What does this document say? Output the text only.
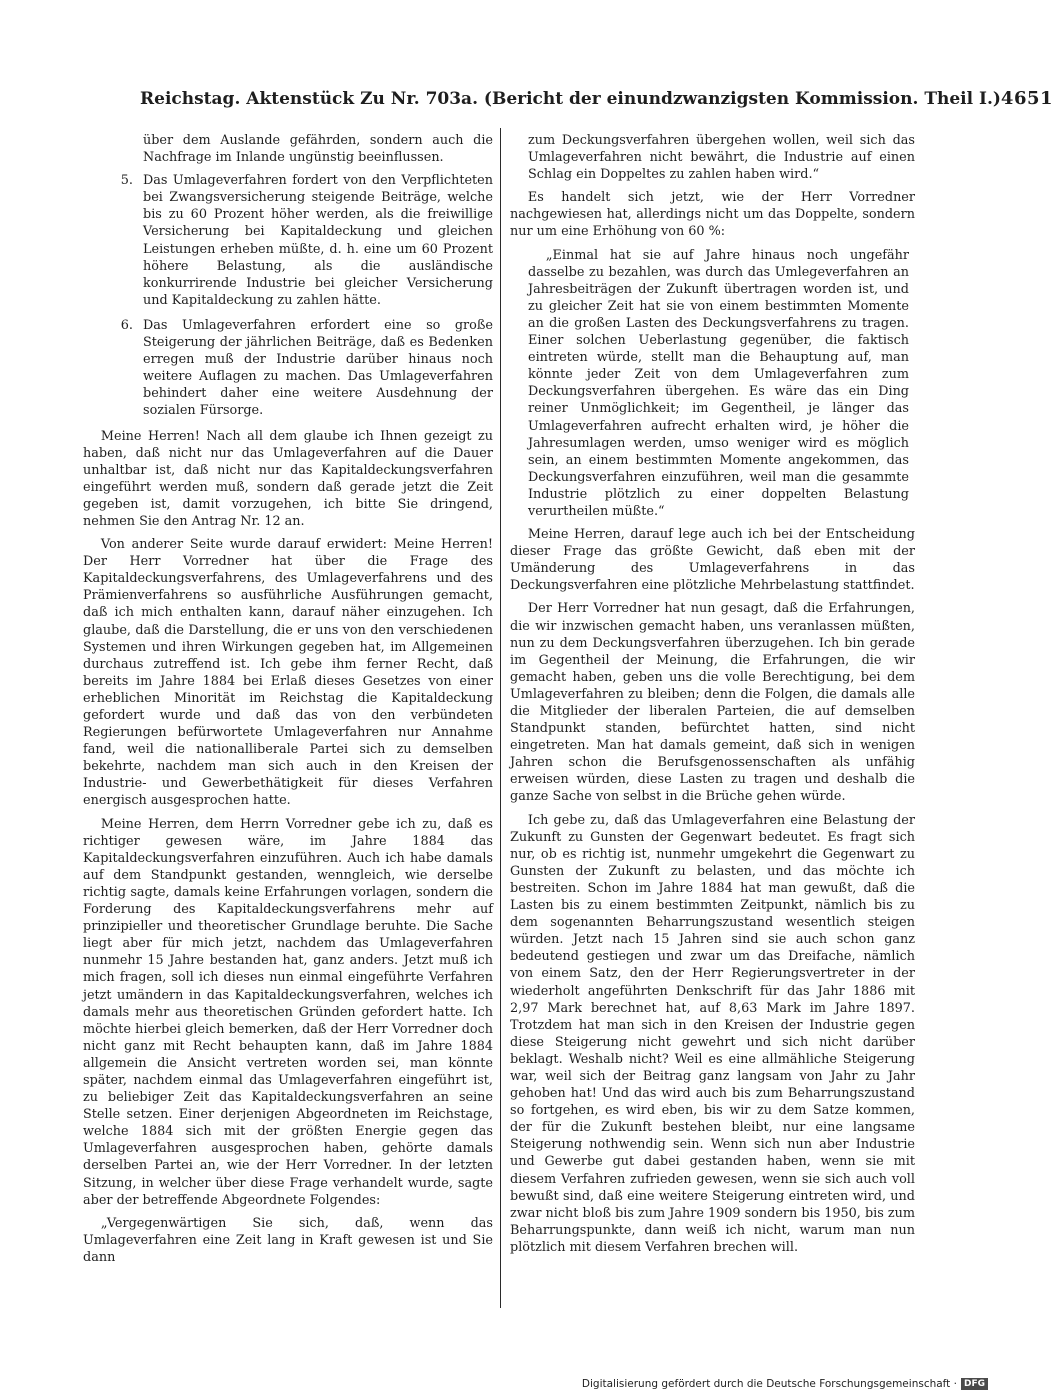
Reichstag. Aktenstück Zu Nr. 703a. (Bericht der einundzwanzigsten Kommission. Theil I.) 4651

über dem Auslande gefährden, sondern auch die Nachfrage im Inlande ungünstig beeinflussen.

5. Das Umlageverfahren fordert von den Verpflichteten bei Zwangsversicherung steigende Beiträge, welche bis zu 60 Prozent höher werden, als die freiwillige Versicherung bei Kapitaldeckung und gleichen Leistungen erheben müßte, d. h. eine um 60 Prozent höhere Belastung, als die ausländische konkurrirende Industrie bei gleicher Versicherung und Kapitaldeckung zu zahlen hätte.
6. Das Umlageverfahren erfordert eine so große Steigerung der jährlichen Beiträge, daß es Bedenken erregen muß der Industrie darüber hinaus noch weitere Auflagen zu machen. Das Umlageverfahren behindert daher eine weitere Ausdehnung der sozialen Fürsorge.

Meine Herren! Nach all dem glaube ich Ihnen gezeigt zu haben, daß nicht nur das Umlageverfahren auf die Dauer unhaltbar ist, daß nicht nur das Kapitaldeckungsverfahren eingeführt werden muß, sondern daß gerade jetzt die Zeit gegeben ist, damit vorzugehen, ich bitte Sie dringend, nehmen Sie den Antrag Nr. 12 an.

Von anderer Seite wurde darauf erwidert: Meine Herren! Der Herr Vorredner hat über die Frage des Kapitaldeckungsverfahrens, des Umlageverfahrens und des Prämienverfahrens so ausführliche Ausführungen gemacht, daß ich mich enthalten kann, darauf näher einzugehen. Ich glaube, daß die Darstellung, die er uns von den verschiedenen Systemen und ihren Wirkungen gegeben hat, im Allgemeinen durchaus zutreffend ist. Ich gebe ihm ferner Recht, daß bereits im Jahre 1884 bei Erlaß dieses Gesetzes von einer erheblichen Minorität im Reichstag die Kapitaldeckung gefordert wurde und daß das von den verbündeten Regierungen befürwortete Umlageverfahren nur Annahme fand, weil die nationalliberale Partei sich zu demselben bekehrte, nachdem man sich auch in den Kreisen der Industrie- und Gewerbethätigkeit für dieses Verfahren energisch ausgesprochen hatte.

Meine Herren, dem Herrn Vorredner gebe ich zu, daß es richtiger gewesen wäre, im Jahre 1884 das Kapitaldeckungsverfahren einzuführen. Auch ich habe damals auf dem Standpunkt gestanden, wenngleich, wie derselbe richtig sagte, damals keine Erfahrungen vorlagen, sondern die Forderung des Kapitaldeckungsverfahrens mehr auf prinzipieller und theoretischer Grundlage beruhte. Die Sache liegt aber für mich jetzt, nachdem das Umlageverfahren nunmehr 15 Jahre bestanden hat, ganz anders. Jetzt muß ich mich fragen, soll ich dieses nun einmal eingeführte Verfahren jetzt umändern in das Kapitaldeckungsverfahren, welches ich damals mehr aus theoretischen Gründen gefordert hatte. Ich möchte hierbei gleich bemerken, daß der Herr Vorredner doch nicht ganz mit Recht behaupten kann, daß im Jahre 1884 allgemein die Ansicht vertreten worden sei, man könnte später, nachdem einmal das Umlageverfahren eingeführt ist, zu beliebiger Zeit das Kapitaldeckungsverfahren an seine Stelle setzen. Einer derjenigen Abgeordneten im Reichstage, welche 1884 sich mit der größten Energie gegen das Umlageverfahren ausgesprochen haben, gehörte damals derselben Partei an, wie der Herr Vorredner. In der letzten Sitzung, in welcher über diese Frage verhandelt wurde, sagte aber der betreffende Abgeordnete Folgendes:

„Vergegenwärtigen Sie sich, daß, wenn das Umlageverfahren eine Zeit lang in Kraft gewesen ist und Sie dann

zum Deckungsverfahren übergehen wollen, weil sich das Umlageverfahren nicht bewährt, die Industrie auf einen Schlag ein Doppeltes zu zahlen haben wird.“

Es handelt sich jetzt, wie der Herr Vorredner nachgewiesen hat, allerdings nicht um das Doppelte, sondern nur um eine Erhöhung von 60 %:

„Einmal hat sie auf Jahre hinaus noch ungefähr dasselbe zu bezahlen, was durch das Umlegeverfahren an Jahresbeiträgen der Zukunft übertragen worden ist, und zu gleicher Zeit hat sie von einem bestimmten Momente an die großen Lasten des Deckungsverfahrens zu tragen. Einer solchen Ueberlastung gegenüber, die faktisch eintreten würde, stellt man die Behauptung auf, man könnte jeder Zeit von dem Umlageverfahren zum Deckungsverfahren übergehen. Es wäre das ein Ding reiner Unmöglichkeit; im Gegentheil, je länger das Umlageverfahren aufrecht erhalten wird, je höher die Jahresumlagen werden, umso weniger wird es möglich sein, an einem bestimmten Momente angekommen, das Deckungsverfahren einzuführen, weil man die gesammte Industrie plötzlich zu einer doppelten Belastung verurtheilen müßte.“

Meine Herren, darauf lege auch ich bei der Entscheidung dieser Frage das größte Gewicht, daß eben mit der Umänderung des Umlageverfahrens in das Deckungsverfahren eine plötzliche Mehrbelastung stattfindet.

Der Herr Vorredner hat nun gesagt, daß die Erfahrungen, die wir inzwischen gemacht haben, uns veranlassen müßten, nun zu dem Deckungsverfahren überzugehen. Ich bin gerade im Gegentheil der Meinung, die Erfahrungen, die wir gemacht haben, geben uns die volle Berechtigung, bei dem Umlageverfahren zu bleiben; denn die Folgen, die damals alle die Mitglieder der liberalen Parteien, die auf demselben Standpunkt standen, befürchtet hatten, sind nicht eingetreten. Man hat damals gemeint, daß sich in wenigen Jahren schon die Berufsgenossenschaften als unfähig erweisen würden, diese Lasten zu tragen und deshalb die ganze Sache von selbst in die Brüche gehen würde.

Ich gebe zu, daß das Umlageverfahren eine Belastung der Zukunft zu Gunsten der Gegenwart bedeutet. Es fragt sich nur, ob es richtig ist, nunmehr umgekehrt die Gegenwart zu Gunsten der Zukunft zu belasten, und das möchte ich bestreiten. Schon im Jahre 1884 hat man gewußt, daß die Lasten bis zu einem bestimmten Zeitpunkt, nämlich bis zu dem sogenannten Beharrungszustand wesentlich steigen würden. Jetzt nach 15 Jahren sind sie auch schon ganz bedeutend gestiegen und zwar um das Dreifache, nämlich von einem Satz, den der Herr Regierungsvertreter in der wiederholt angeführten Denkschrift für das Jahr 1886 mit 2,97 Mark berechnet hat, auf 8,63 Mark im Jahre 1897. Trotzdem hat man sich in den Kreisen der Industrie gegen diese Steigerung nicht gewehrt und sich nicht darüber beklagt. Weshalb nicht? Weil es eine allmähliche Steigerung war, weil sich der Beitrag ganz langsam von Jahr zu Jahr gehoben hat! Und das wird auch bis zum Beharrungszustand so fortgehen, es wird eben, bis wir zu dem Satze kommen, der für die Zukunft bestehen bleibt, nur eine langsame Steigerung nothwendig sein. Wenn sich nun aber Industrie und Gewerbe gut dabei gestanden haben, wenn sie mit diesem Verfahren zufrieden gewesen, wenn sie sich auch voll bewußt sind, daß eine weitere Steigerung eintreten wird, und zwar nicht bloß bis zum Jahre 1909 sondern bis 1950, bis zum Beharrungspunkte, dann weiß ich nicht, warum man nun plötzlich mit diesem Verfahren brechen will.

Digitalisierung gefördert durch die Deutsche Forschungsgemeinschaft · DFG
